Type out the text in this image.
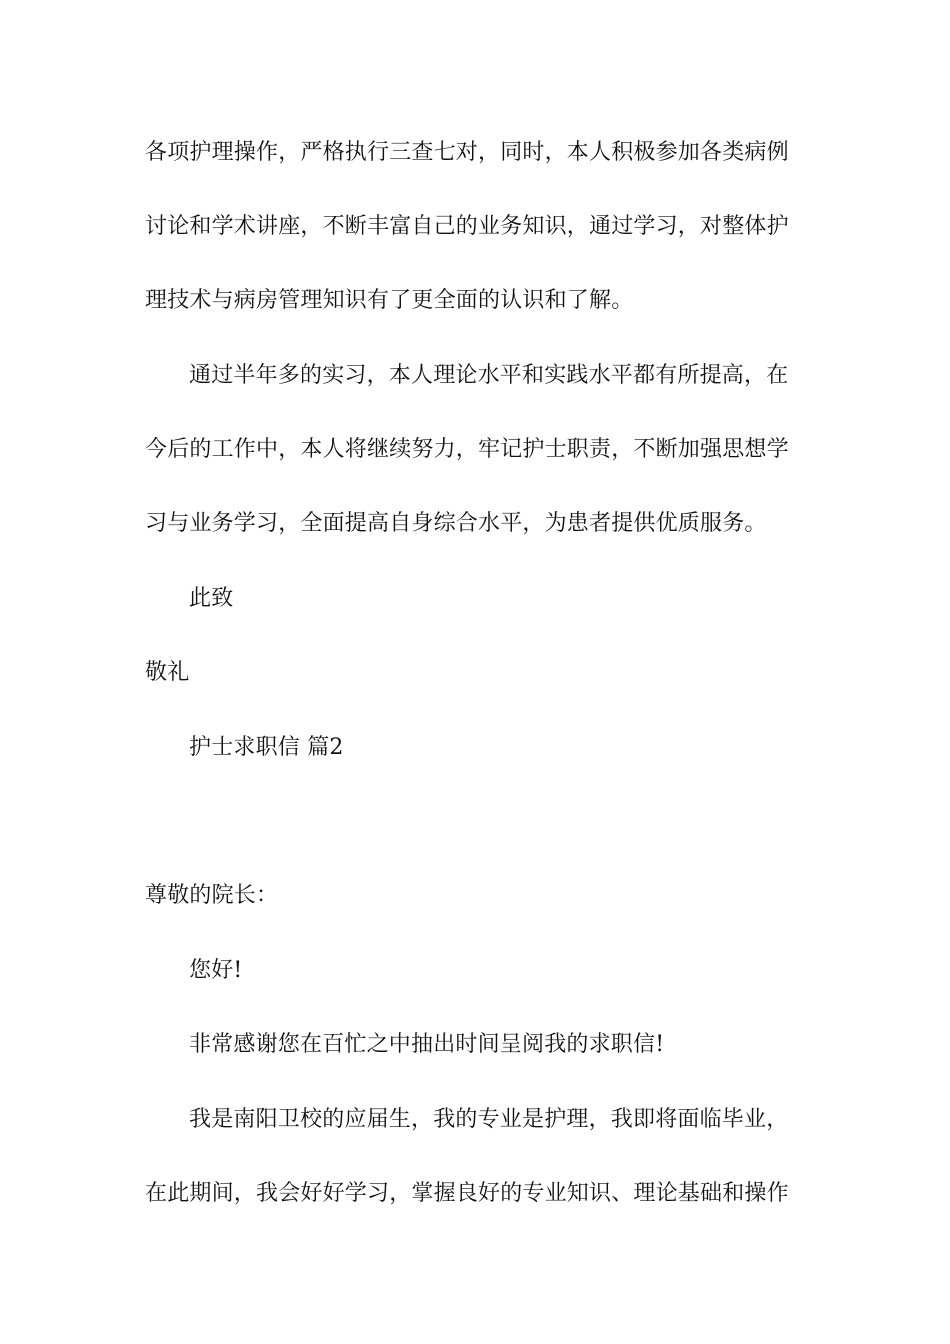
各项护理操作，严格执行三查七对，同时，本人积极参加各类病例
讨论和学术讲座，不断丰富自己的业务知识，通过学习，对整体护
理技术与病房管理知识有了更全面的认识和了解。
通过半年多的实习，本人理论水平和实践水平都有所提高，在
今后的工作中，本人将继续努力，牢记护士职责，不断加强思想学
习与业务学习，全面提高自身综合水平，为患者提供优质服务。
此致
敬礼
护士求职信 篇2
尊敬的院长：
您好!
非常感谢您在百忙之中抽出时间呈阅我的求职信!
我是南阳卫校的应届生，我的专业是护理，我即将面临毕业，
在此期间，我会好好学习，掌握良好的专业知识、理论基础和操作
